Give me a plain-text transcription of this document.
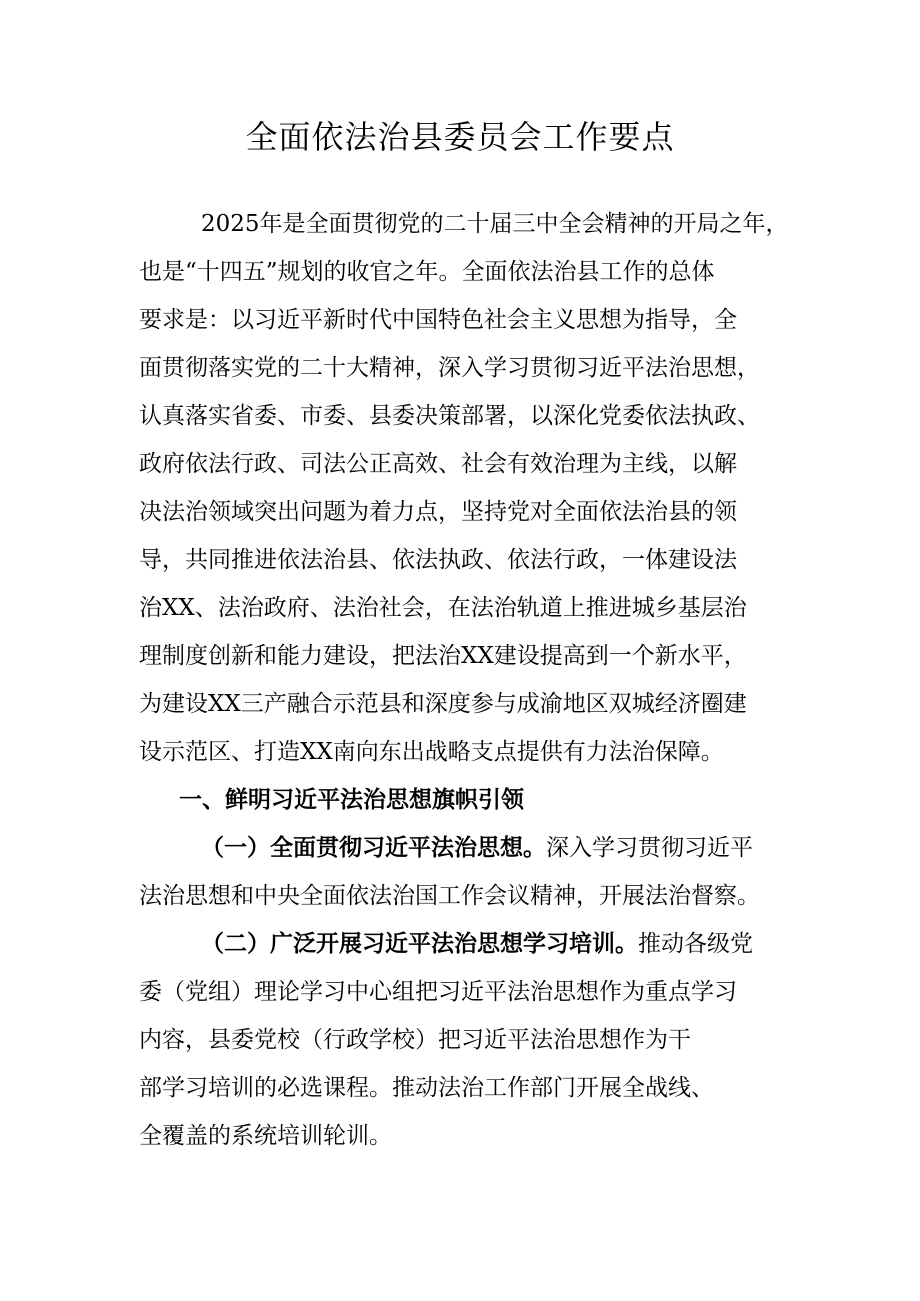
全面依法治县委员会工作要点
2025年是全面贯彻党的二十届三中全会精神的开局之年，
也是“十四五”规划的收官之年。全面依法治县工作的总体
要求是：以习近平新时代中国特色社会主义思想为指导，全
面贯彻落实党的二十大精神，深入学习贯彻习近平法治思想，
认真落实省委、市委、县委决策部署，以深化党委依法执政、
政府依法行政、司法公正高效、社会有效治理为主线，以解
决法治领域突出问题为着力点，坚持党对全面依法治县的领
导，共同推进依法治县、依法执政、依法行政，一体建设法
治XX、法治政府、法治社会，在法治轨道上推进城乡基层治
理制度创新和能力建设，把法治XX建设提高到一个新水平，
为建设XX三产融合示范县和深度参与成渝地区双城经济圈建
设示范区、打造XX南向东出战略支点提供有力法治保障。
一、鲜明习近平法治思想旗帜引领
（一）全面贯彻习近平法治思想。深入学习贯彻习近平
法治思想和中央全面依法治国工作会议精神，开展法治督察。
（二）广泛开展习近平法治思想学习培训。推动各级党
委（党组）理论学习中心组把习近平法治思想作为重点学习
内容，县委党校（行政学校）把习近平法治思想作为干
部学习培训的必选课程。推动法治工作部门开展全战线、
全覆盖的系统培训轮训。
